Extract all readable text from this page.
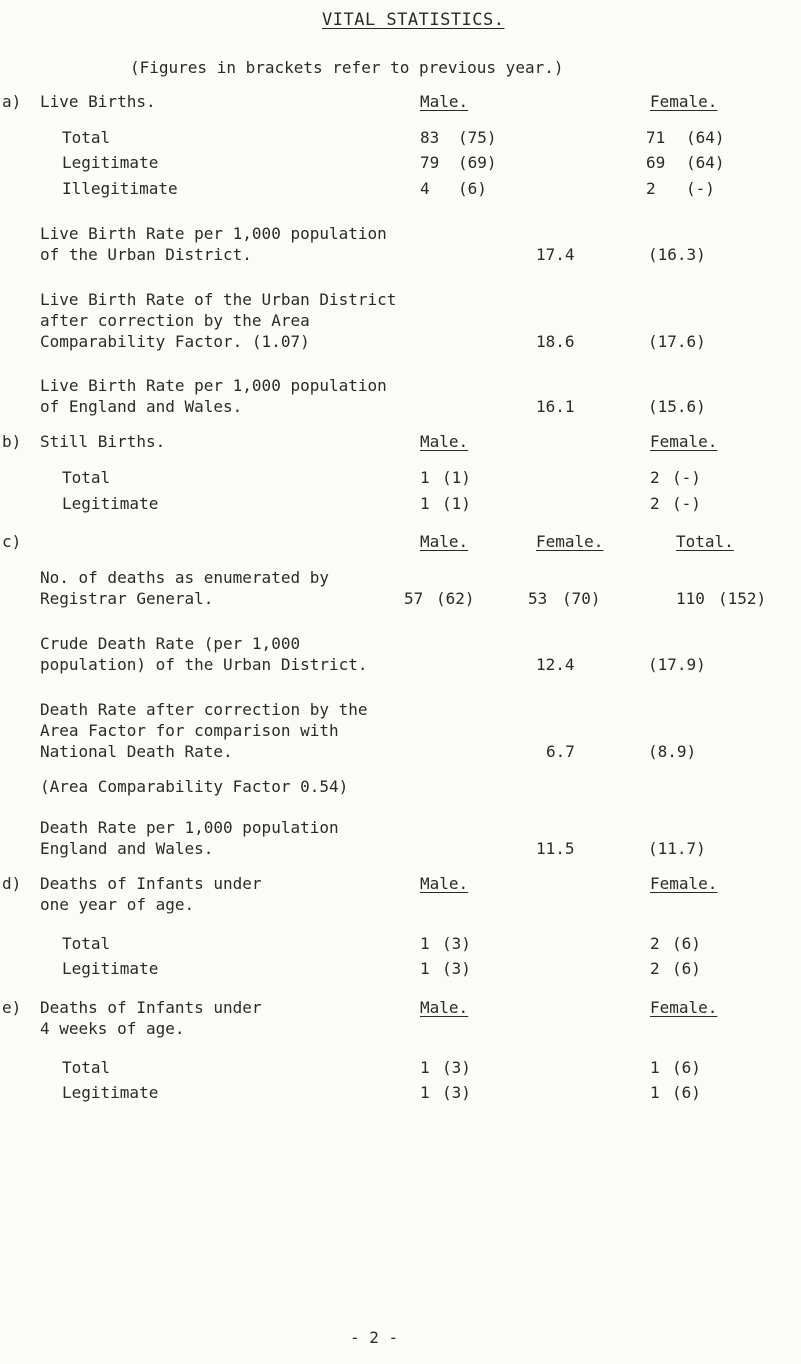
VITAL STATISTICS.
(Figures in brackets refer to previous year.)
a) Live Births.	Male.	Female.
Total	83 (75)	71 (64)
Legitimate	79 (69)	69 (64)
Illegitimate	4 (6)	2 (-)
Live Birth Rate per 1,000 population
of the Urban District.	17.4	(16.3)
Live Birth Rate of the Urban District
after correction by the Area
Comparability Factor. (1.07)	18.6	(17.6)
Live Birth Rate per 1,000 population
of England and Wales.	16.1	(15.6)
b) Still Births.	Male.	Female.
Total	1 (1)	2 (-)
Legitimate	1 (1)	2 (-)
c)	Male.	Female.	Total.
No. of deaths as enumerated by
Registrar General.	57 (62)	53 (70)	110 (152)
Crude Death Rate (per 1,000
population) of the Urban District.	12.4	(17.9)
Death Rate after correction by the
Area Factor for comparison with
National Death Rate.	6.7	(8.9)
(Area Comparability Factor 0.54)
Death Rate per 1,000 population
England and Wales.	11.5	(11.7)
d) Deaths of Infants under
one year of age.
Male.	Female.
Total	1 (3)	2 (6)
Legitimate	1 (3)	2 (6)
e) Deaths of Infants under
4 weeks of age.
Male.	Female.
Total	1 (3)	1 (6)
Legitimate	1 (3)	1 (6)
- 2 -
